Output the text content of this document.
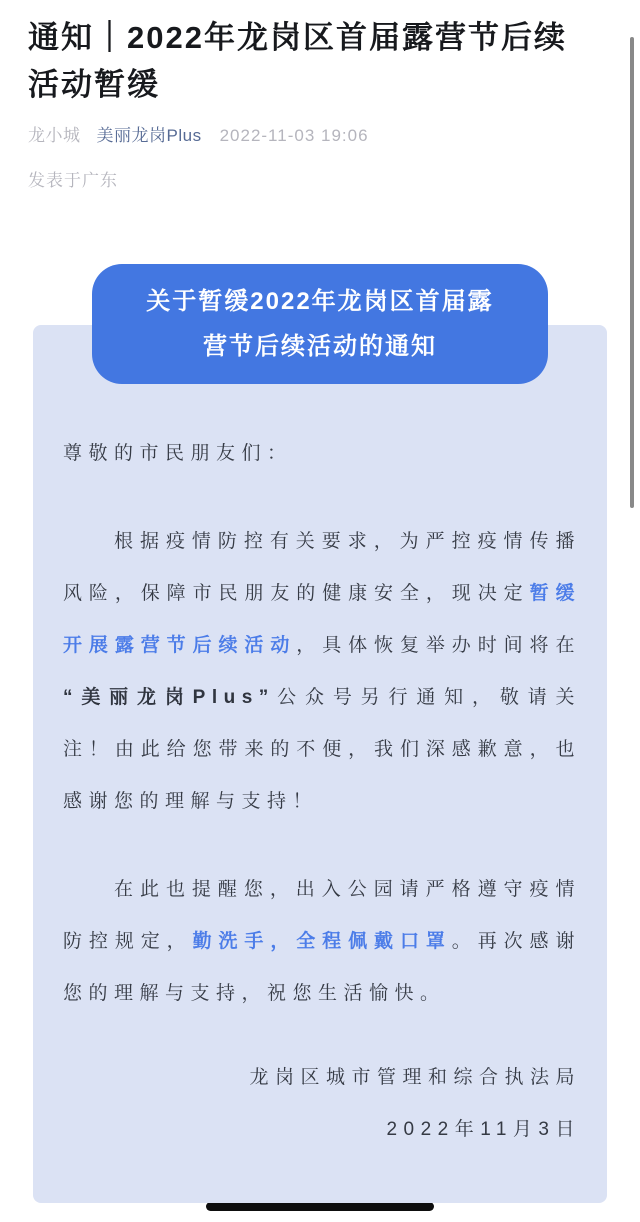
通知｜2022年龙岗区首届露营节后续活动暂缓
龙小城 美丽龙岗Plus 2022-11-03 19:06
发表于广东
关于暂缓2022年龙岗区首届露营节后续活动的通知

尊敬的市民朋友们：

根据疫情防控有关要求，为严控疫情传播风险，保障市民朋友的健康安全，现决定暂缓开展露营节后续活动，具体恢复举办时间将在“美丽龙岗Plus”公众号另行通知，敬请关注！由此给您带来的不便，我们深感歉意，也感谢您的理解与支持！

在此也提醒您，出入公园请严格遵守疫情防控规定，勤洗手，全程佩戴口罩。再次感谢您的理解与支持，祝您生活愉快。

龙岗区城市管理和综合执法局

2022年11月3日
